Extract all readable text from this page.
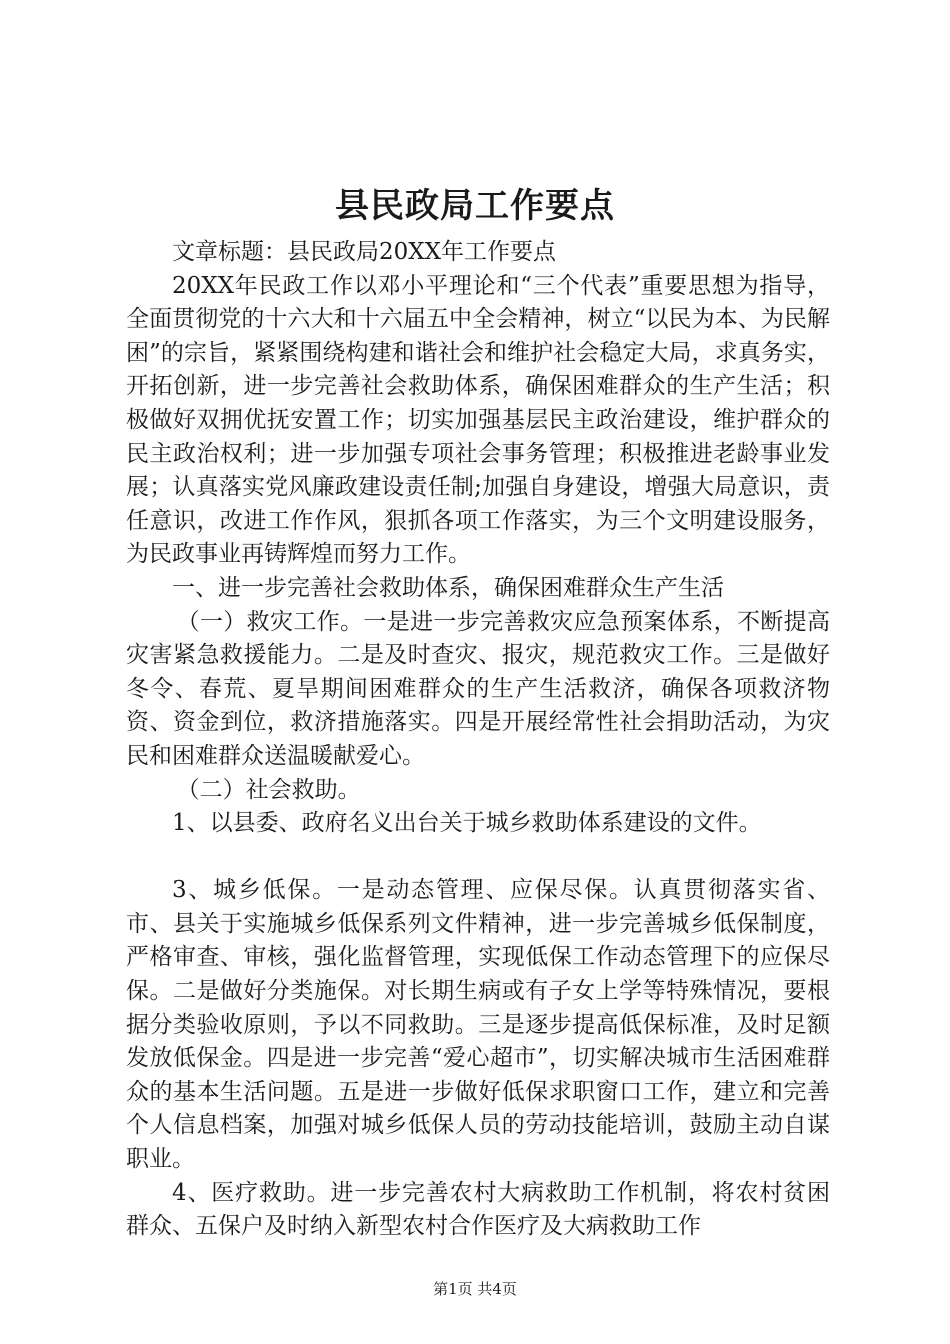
县民政局工作要点

文章标题：县民政局20XX年工作要点

20XX年民政工作以邓小平理论和“三个代表”重要思想为指导，全面贯彻党的十六大和十六届五中全会精神，树立“以民为本、为民解困”的宗旨，紧紧围绕构建和谐社会和维护社会稳定大局，求真务实，开拓创新，进一步完善社会救助体系，确保困难群众的生产生活；积极做好双拥优抚安置工作；切实加强基层民主政治建设，维护群众的民主政治权利；进一步加强专项社会事务管理；积极推进老龄事业发展；认真落实党风廉政建设责任制;加强自身建设，增强大局意识，责任意识，改进工作作风，狠抓各项工作落实，为三个文明建设服务，为民政事业再铸辉煌而努力工作。

一、进一步完善社会救助体系，确保困难群众生产生活

（一）救灾工作。一是进一步完善救灾应急预案体系，不断提高灾害紧急救援能力。二是及时查灾、报灾，规范救灾工作。三是做好冬令、春荒、夏旱期间困难群众的生产生活救济，确保各项救济物资、资金到位，救济措施落实。四是开展经常性社会捐助活动，为灾民和困难群众送温暖献爱心。

（二）社会救助。

1、以县委、政府名义出台关于城乡救助体系建设的文件。

3、城乡低保。一是动态管理、应保尽保。认真贯彻落实省、市、县关于实施城乡低保系列文件精神，进一步完善城乡低保制度，严格审查、审核，强化监督管理，实现低保工作动态管理下的应保尽保。二是做好分类施保。对长期生病或有子女上学等特殊情况，要根据分类验收原则，予以不同救助。三是逐步提高低保标准，及时足额发放低保金。四是进一步完善“爱心超市”，切实解决城市生活困难群众的基本生活问题。五是进一步做好低保求职窗口工作，建立和完善个人信息档案，加强对城乡低保人员的劳动技能培训，鼓励主动自谋职业。

4、医疗救助。进一步完善农村大病救助工作机制，将农村贫困群众、五保户及时纳入新型农村合作医疗及大病救助工作

第1页 共4页
